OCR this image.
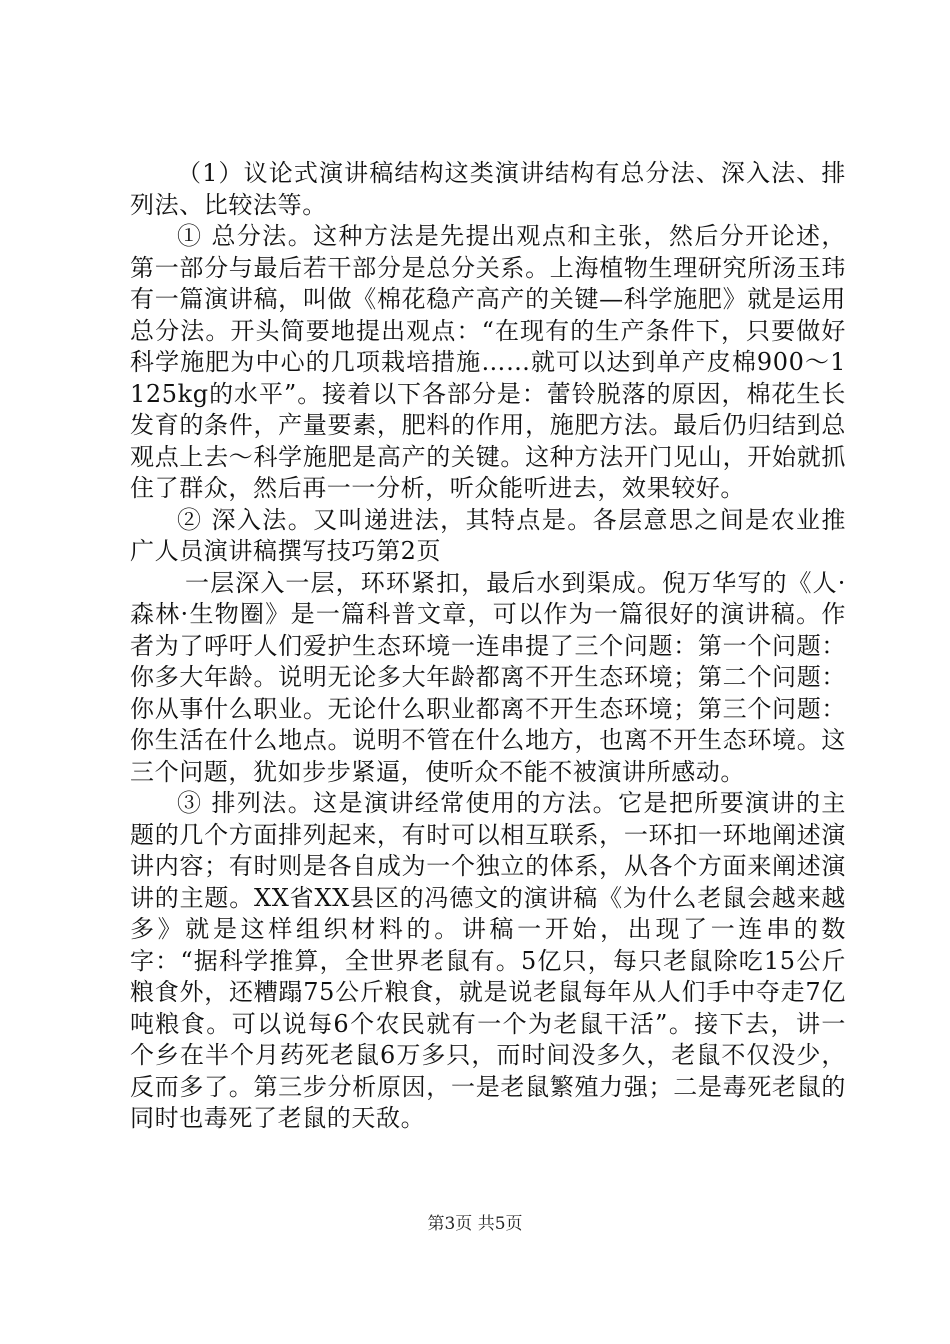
（1）议论式演讲稿结构这类演讲结构有总分法、深入法、排列法、比较法等。

① 总分法。这种方法是先提出观点和主张，然后分开论述，第一部分与最后若干部分是总分关系。上海植物生理研究所汤玉玮有一篇演讲稿，叫做《棉花稳产高产的关键—科学施肥》就是运用总分法。开头简要地提出观点：“在现有的生产条件下，只要做好科学施肥为中心的几项栽培措施……就可以达到单产皮棉900～1125kg的水平”。接着以下各部分是：蕾铃脱落的原因，棉花生长发育的条件，产量要素，肥料的作用，施肥方法。最后仍归结到总观点上去～科学施肥是高产的关键。这种方法开门见山，开始就抓住了群众，然后再一一分析，听众能听进去，效果较好。

② 深入法。又叫递进法，其特点是。各层意思之间是农业推广人员演讲稿撰写技巧第2页

一层深入一层，环环紧扣，最后水到渠成。倪万华写的《人·森林·生物圈》是一篇科普文章，可以作为一篇很好的演讲稿。作者为了呼吁人们爱护生态环境一连串提了三个问题：第一个问题：你多大年龄。说明无论多大年龄都离不开生态环境；第二个问题：你从事什么职业。无论什么职业都离不开生态环境；第三个问题：你生活在什么地点。说明不管在什么地方，也离不开生态环境。这三个问题，犹如步步紧逼，使听众不能不被演讲所感动。

③ 排列法。这是演讲经常使用的方法。它是把所要演讲的主题的几个方面排列起来，有时可以相互联系，一环扣一环地阐述演讲内容；有时则是各自成为一个独立的体系，从各个方面来阐述演讲的主题。XX省XX县区的冯德文的演讲稿《为什么老鼠会越来越多》就是这样组织材料的。讲稿一开始，出现了一连串的数字：“据科学推算，全世界老鼠有。5亿只，每只老鼠除吃15公斤粮食外，还糟蹋75公斤粮食，就是说老鼠每年从人们手中夺走7亿吨粮食。可以说每6个农民就有一个为老鼠干活”。接下去，讲一个乡在半个月药死老鼠6万多只，而时间没多久，老鼠不仅没少，反而多了。第三步分析原因，一是老鼠繁殖力强；二是毒死老鼠的同时也毒死了老鼠的天敌。

第3页 共5页
